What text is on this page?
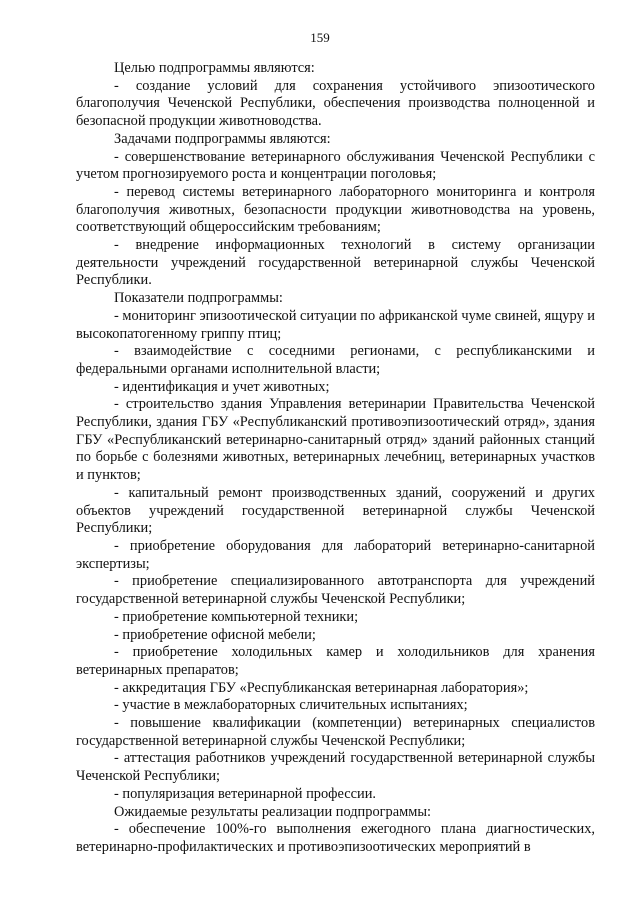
159

Целью подпрограммы являются:

- создание условий для сохранения устойчивого эпизоотического благополучия Чеченской Республики, обеспечения производства полноценной и безопасной продукции животноводства.

Задачами подпрограммы являются:

- совершенствование ветеринарного обслуживания Чеченской Республики с учетом прогнозируемого роста и концентрации поголовья;

- перевод системы ветеринарного лабораторного мониторинга и контроля благополучия животных, безопасности продукции животноводства на уровень, соответствующий общероссийским требованиям;

- внедрение информационных технологий в систему организации деятельности учреждений государственной ветеринарной службы Чеченской Республики.

Показатели подпрограммы:

- мониторинг эпизоотической ситуации по африканской чуме свиней, ящуру и высокопатогенному гриппу птиц;

- взаимодействие с соседними регионами, с республиканскими и федеральными органами исполнительной власти;

- идентификация и учет животных;

- строительство здания Управления ветеринарии Правительства Чеченской Республики, здания ГБУ «Республиканский противоэпизоотический отряд», здания ГБУ «Республиканский ветеринарно-санитарный отряд» зданий районных станций по борьбе с болезнями животных, ветеринарных лечебниц, ветеринарных участков и пунктов;

- капитальный ремонт производственных зданий, сооружений и других объектов учреждений государственной ветеринарной службы Чеченской Республики;

- приобретение оборудования для лабораторий ветеринарно-санитарной экспертизы;

- приобретение специализированного автотранспорта для учреждений государственной ветеринарной службы Чеченской Республики;

- приобретение компьютерной техники;

- приобретение офисной мебели;

- приобретение холодильных камер и холодильников для хранения ветеринарных препаратов;

- аккредитация ГБУ «Республиканская ветеринарная лаборатория»;

- участие в межлабораторных сличительных испытаниях;

- повышение квалификации (компетенции) ветеринарных специалистов государственной ветеринарной службы Чеченской Республики;

- аттестация работников учреждений государственной ветеринарной службы Чеченской Республики;

- популяризация ветеринарной профессии.

Ожидаемые результаты реализации подпрограммы:

- обеспечение 100%-го выполнения ежегодного плана диагностических, ветеринарно-профилактических и противоэпизоотических мероприятий в
